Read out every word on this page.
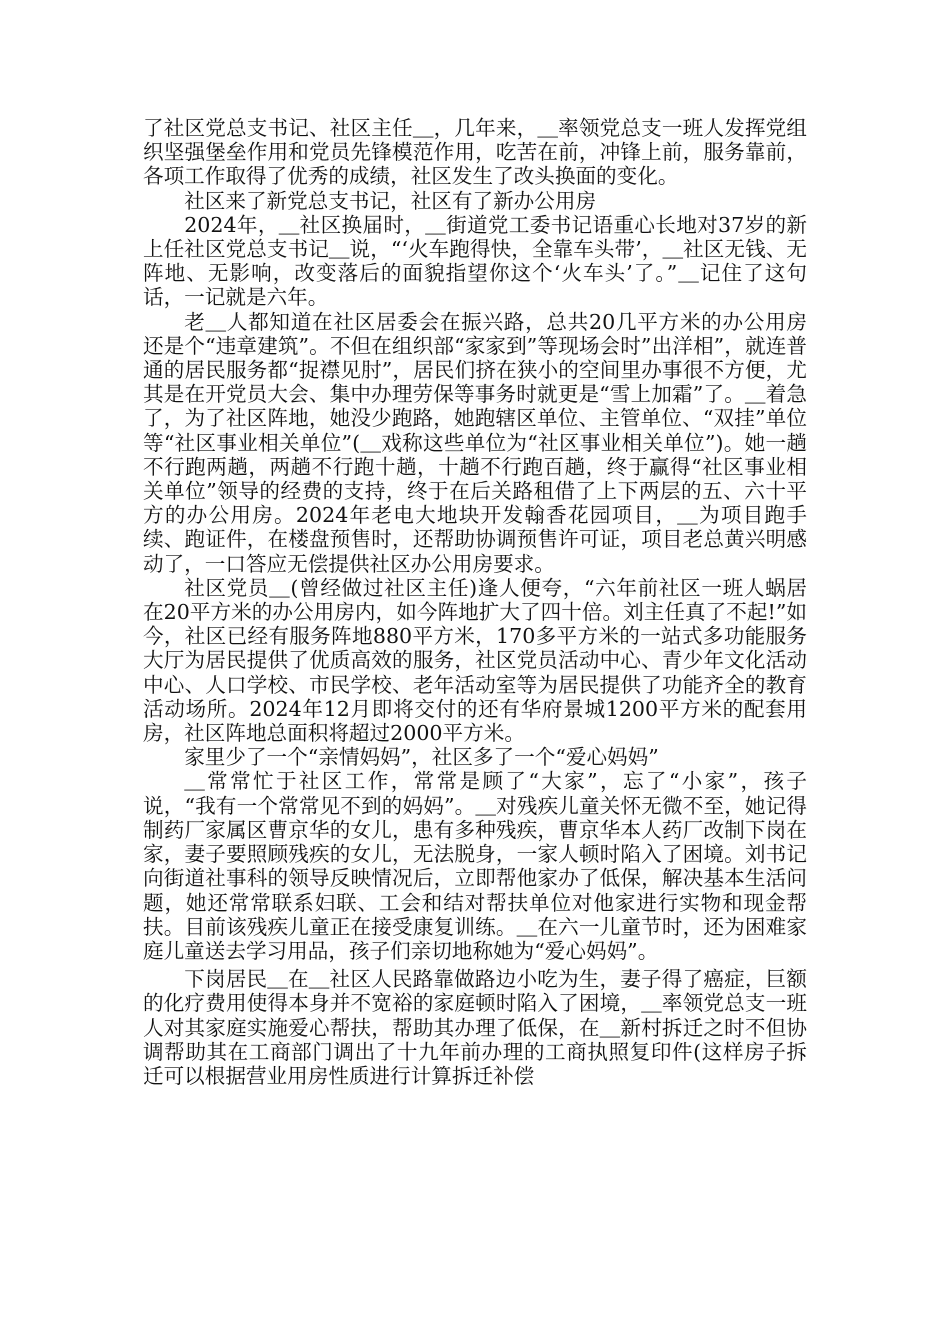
了社区党总支书记、社区主任＿，几年来，＿率领党总支一班人发挥党组织坚强堡垒作用和党员先锋模范作用，吃苦在前，冲锋上前，服务靠前，各项工作取得了优秀的成绩，社区发生了改头换面的变化。

社区来了新党总支书记，社区有了新办公用房

2024年，＿社区换届时，＿街道党工委书记语重心长地对37岁的新上任社区党总支书记＿说，“‘火车跑得快，全靠车头带’，＿社区无钱、无阵地、无影响，改变落后的面貌指望你这个‘火车头’了。”＿记住了这句话，一记就是六年。

老＿人都知道在社区居委会在振兴路，总共20几平方米的办公用房还是个“违章建筑”。不但在组织部“家家到”等现场会时”出洋相”，就连普通的居民服务都“捉襟见肘”，居民们挤在狭小的空间里办事很不方便，尤其是在开党员大会、集中办理劳保等事务时就更是“雪上加霜”了。＿着急了，为了社区阵地，她没少跑路，她跑辖区单位、主管单位、“双挂”单位等“社区事业相关单位”(＿戏称这些单位为“社区事业相关单位”)。她一趟不行跑两趟，两趟不行跑十趟，十趟不行跑百趟，终于赢得“社区事业相关单位”领导的经费的支持，终于在后关路租借了上下两层的五、六十平方的办公用房。2024年老电大地块开发翰香花园项目，＿为项目跑手续、跑证件，在楼盘预售时，还帮助协调预售许可证，项目老总黄兴明感动了，一口答应无偿提供社区办公用房要求。

社区党员＿(曾经做过社区主任)逢人便夸，“六年前社区一班人蜗居在20平方米的办公用房内，如今阵地扩大了四十倍。刘主任真了不起!”如今，社区已经有服务阵地880平方米，170多平方米的一站式多功能服务大厅为居民提供了优质高效的服务，社区党员活动中心、青少年文化活动中心、人口学校、市民学校、老年活动室等为居民提供了功能齐全的教育活动场所。2024年12月即将交付的还有华府景城1200平方米的配套用房，社区阵地总面积将超过2000平方米。

家里少了一个“亲情妈妈”，社区多了一个“爱心妈妈”

＿常常忙于社区工作，常常是顾了“大家”，忘了“小家”，孩子说，“我有一个常常见不到的妈妈”。＿对残疾儿童关怀无微不至，她记得制药厂家属区曹京华的女儿，患有多种残疾，曹京华本人药厂改制下岗在家，妻子要照顾残疾的女儿，无法脱身，一家人顿时陷入了困境。刘书记向街道社事科的领导反映情况后，立即帮他家办了低保，解决基本生活问题，她还常常联系妇联、工会和结对帮扶单位对他家进行实物和现金帮扶。目前该残疾儿童正在接受康复训练。＿在六一儿童节时，还为困难家庭儿童送去学习用品，孩子们亲切地称她为“爱心妈妈”。

下岗居民＿在＿社区人民路靠做路边小吃为生，妻子得了癌症，巨额的化疗费用使得本身并不宽裕的家庭顿时陷入了困境，＿率领党总支一班人对其家庭实施爱心帮扶，帮助其办理了低保，在＿新村拆迁之时不但协调帮助其在工商部门调出了十九年前办理的工商执照复印件(这样房子拆迁可以根据营业用房性质进行计算拆迁补偿
